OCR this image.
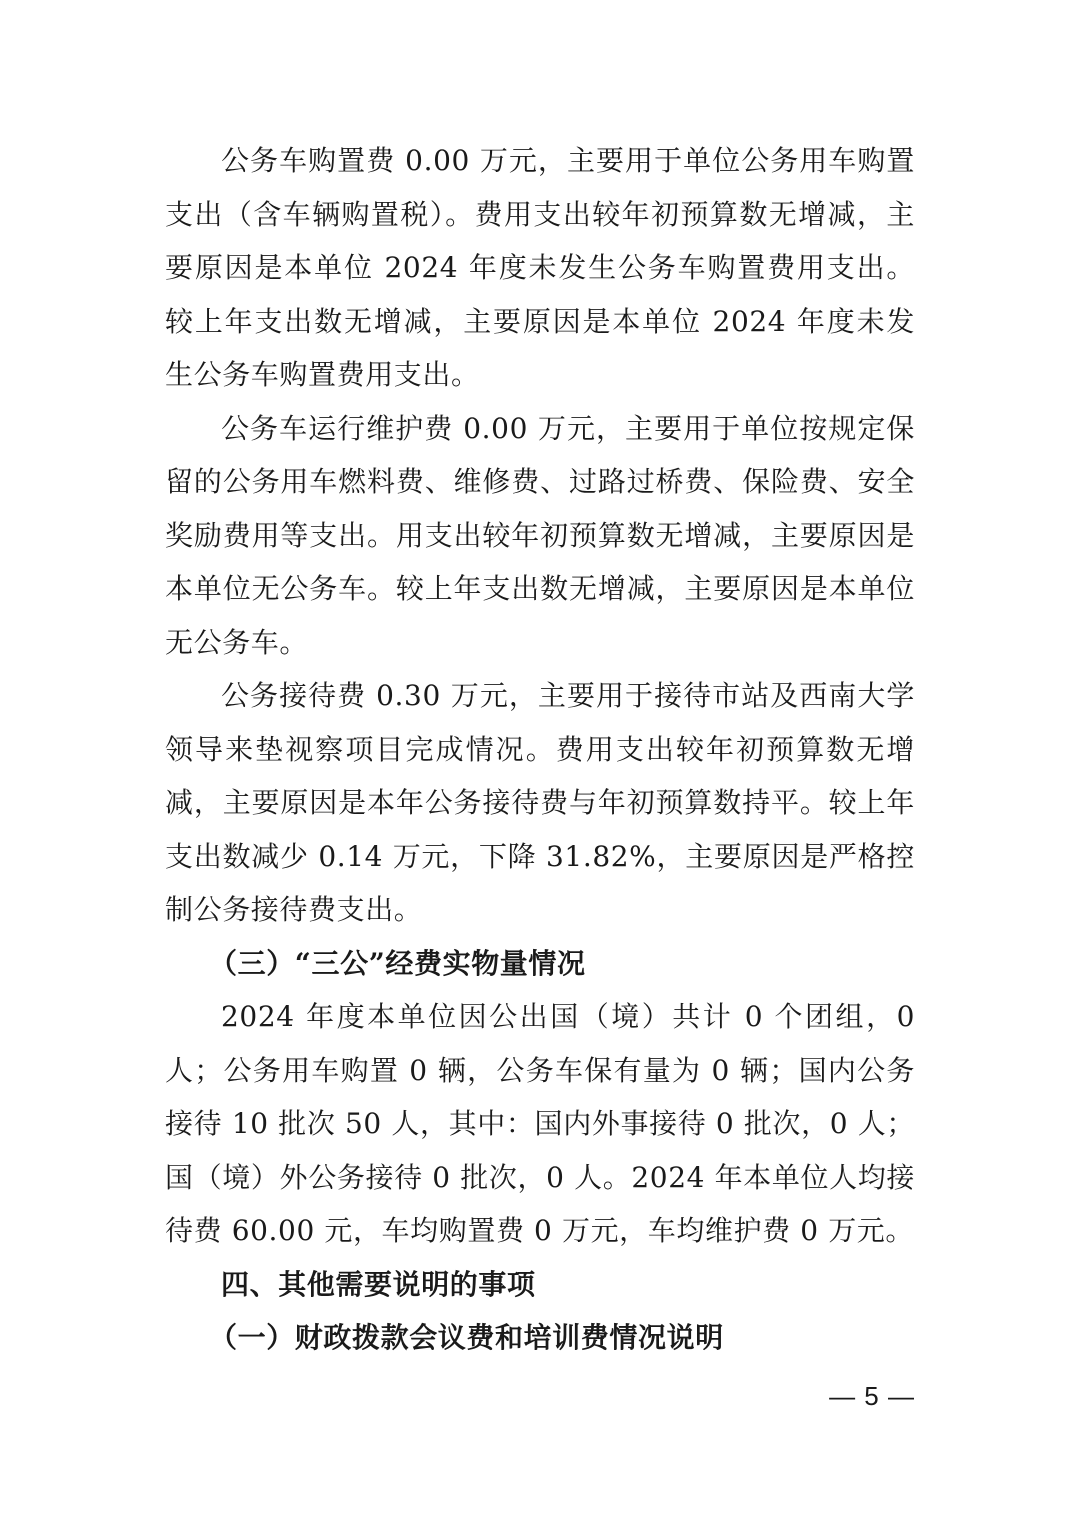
公务车购置费 0.00 万元，主要用于单位公务用车购置支出（含车辆购置税）。费用支出较年初预算数无增减，主要原因是本单位 2024 年度未发生公务车购置费用支出。较上年支出数无增减，主要原因是本单位 2024 年度未发生公务车购置费用支出。

公务车运行维护费 0.00 万元，主要用于单位按规定保留的公务用车燃料费、维修费、过路过桥费、保险费、安全奖励费用等支出。用支出较年初预算数无增减，主要原因是本单位无公务车。较上年支出数无增减，主要原因是本单位无公务车。

公务接待费 0.30 万元，主要用于接待市站及西南大学领导来垫视察项目完成情况。费用支出较年初预算数无增减，主要原因是本年公务接待费与年初预算数持平。较上年支出数减少 0.14 万元，下降 31.82%，主要原因是严格控制公务接待费支出。

（三）“三公”经费实物量情况

2024 年度本单位因公出国（境）共计 0 个团组，0 人；公务用车购置 0 辆，公务车保有量为 0 辆；国内公务接待 10 批次 50 人，其中：国内外事接待 0 批次，0 人；国（境）外公务接待 0 批次，0 人。2024 年本单位人均接待费 60.00 元，车均购置费 0 万元，车均维护费 0 万元。

四、其他需要说明的事项

（一）财政拨款会议费和培训费情况说明

— 5 —
